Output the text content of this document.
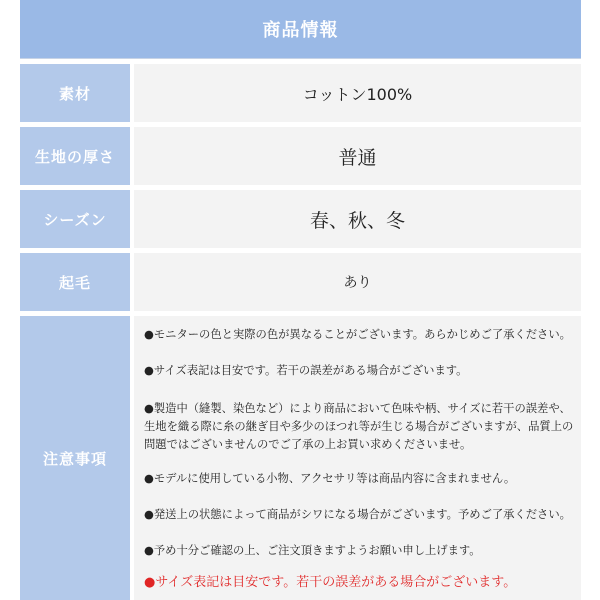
商品情報
素材	コットン100%
生地の厚さ	普通
シーズン	春、秋、冬
起毛	あり
注意事項
●モニターの色と実際の色が異なることがございます。あらかじめご了承ください。
●サイズ表記は目安です。若干の誤差がある場合がございます。
●製造中（縫製、染色など）により商品において色味や柄、サイズに若干の誤差や、生地を織る際に糸の継ぎ目や多少のほつれ等が生じる場合がございますが、品質上の問題ではございませんのでご了承の上お買い求めくださいませ。
●モデルに使用している小物、アクセサリ等は商品内容に含まれません。
●発送上の状態によって商品がシワになる場合がございます。予めご了承ください。
●予め十分ご確認の上、ご注文頂きますようお願い申し上げます。
●サイズ表記は目安です。若干の誤差がある場合がございます。
